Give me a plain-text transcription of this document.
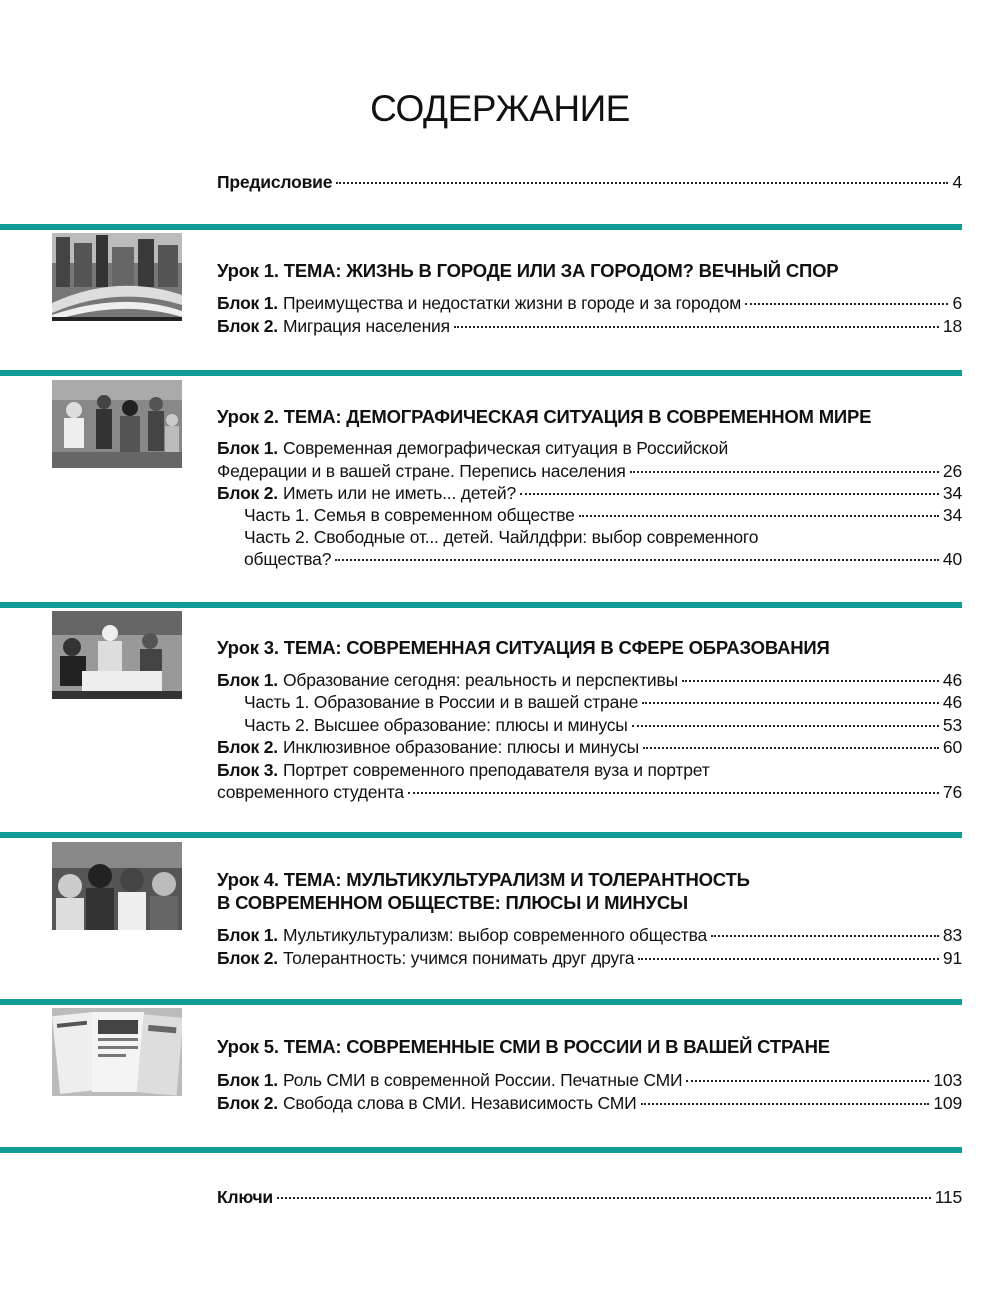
СОДЕРЖАНИЕ
Предисловие	4
Урок 1. ТЕМА: ЖИЗНЬ В ГОРОДЕ ИЛИ ЗА ГОРОДОМ? ВЕЧНЫЙ СПОР
Блок 1. Преимущества и недостатки жизни в городе и за городом	6
Блок 2. Миграция населения	18
Урок 2. ТЕМА: ДЕМОГРАФИЧЕСКАЯ СИТУАЦИЯ В СОВРЕМЕННОМ МИРЕ
Блок 1. Современная демографическая ситуация в Российской
Федерации и в вашей стране. Перепись населения	26
Блок 2. Иметь или не иметь... детей?	34
Часть 1. Семья в современном обществе	34
Часть 2. Свободные от... детей. Чайлдфри: выбор современного
общества?	40
Урок 3. ТЕМА: СОВРЕМЕННАЯ СИТУАЦИЯ В СФЕРЕ ОБРАЗОВАНИЯ
Блок 1. Образование сегодня: реальность и перспективы	46
Часть 1. Образование в России и в вашей стране	46
Часть 2. Высшее образование: плюсы и минусы	53
Блок 2. Инклюзивное образование: плюсы и минусы	60
Блок 3. Портрет современного преподавателя вуза и портрет
современного студента	76
Урок 4. ТЕМА: МУЛЬТИКУЛЬТУРАЛИЗМ И ТОЛЕРАНТНОСТЬ
В СОВРЕМЕННОМ ОБЩЕСТВЕ: ПЛЮСЫ И МИНУСЫ
Блок 1. Мультикультурализм: выбор современного общества	83
Блок 2. Толерантность: учимся понимать друг друга	91
Урок 5. ТЕМА: СОВРЕМЕННЫЕ СМИ В РОССИИ И В ВАШЕЙ СТРАНЕ
Блок 1. Роль СМИ в современной России. Печатные СМИ	103
Блок 2. Свобода слова в СМИ. Независимость СМИ	109
Ключи	115
